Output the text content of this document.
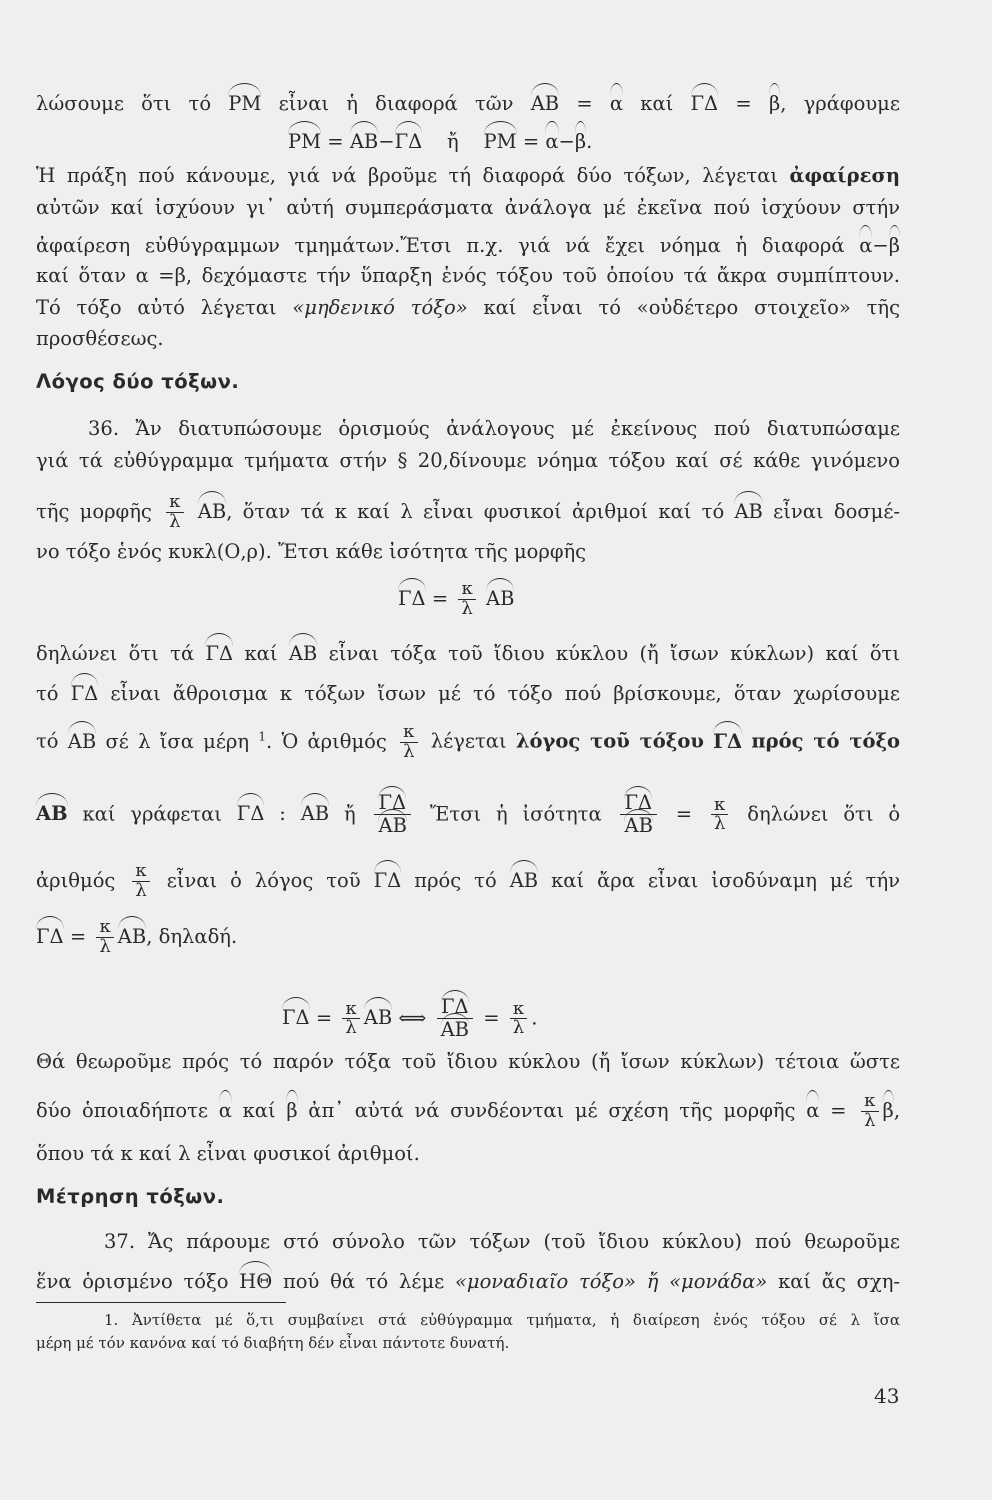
λώσουμε ὅτι τό PM εἶναι ἡ διαφορά τῶν AB = α καί ΓΔ = β, γράφουμε
PM = AB−ΓΔ ἤ PM = α−β.
Ἡ πράξη πού κάνουμε, γιά νά βροῦμε τή διαφορά δύο τόξων, λέγεται ἀφαίρεση
αὐτῶν καί ἰσχύουν γι᾽ αὐτή συμπεράσματα ἀνάλογα μέ ἐκεῖνα πού ἰσχύουν στήν
ἀφαίρεση εὐθύγραμμων τμημάτων.Ἔτσι π.χ. γιά νά ἔχει νόημα ἡ διαφορά α−β
καί ὅταν α =β, δεχόμαστε τήν ὕπαρξη ἑνός τόξου τοῦ ὁποίου τά ἄκρα συμπίπτουν.
Τό τόξο αὐτό λέγεται «μηδενικό τόξο» καί εἶναι τό «οὐδέτερο στοιχεῖο» τῆς
προσθέσεως.
Λόγος δύο τόξων.
36. Ἄν διατυπώσουμε ὁρισμούς ἀνάλογους μέ ἐκείνους πού διατυπώσαμε
γιά τά εὐθύγραμμα τμήματα στήν § 20,δίνουμε νόημα τόξου καί σέ κάθε γινόμενο
τῆς μορφῆς $\frac{\kappa}{\lambda}$ AB, ὅταν τά κ καί λ εἶναι φυσικοί ἀριθμοί καί τό AB εἶναι δοσμέ-
νο τόξο ἑνός κυκλ(Ο,ρ). Ἔτσι κάθε ἰσότητα τῆς μορφῆς
$\Gamma\Delta = \frac{\kappa}{\lambda}$ AB
δηλώνει ὅτι τά ΓΔ καί AB εἶναι τόξα τοῦ ἴδιου κύκλου (ἤ ἴσων κύκλων) καί ὅτι
τό ΓΔ εἶναι ἄθροισμα κ τόξων ἴσων μέ τό τόξο πού βρίσκουμε, ὅταν χωρίσουμε
τό AB σέ λ ἴσα μέρη $^1$. Ὁ ἀριθμός $\frac{\kappa}{\lambda}$ λέγεται λόγος τοῦ τόξου ΓΔ πρός τό τόξο
AB καί γράφεται ΓΔ : AB ἤ $\frac{\Gamma\Delta}{AB}$ Ἔτσι ἡ ἰσότητα $\frac{\Gamma\Delta}{AB} = \frac{\kappa}{\lambda}$ δηλώνει ὅτι ὁ
ἀριθμός $\frac{\kappa}{\lambda}$ εἶναι ὁ λόγος τοῦ ΓΔ πρός τό AB καί ἄρα εἶναι ἰσοδύναμη μέ τήν
$\Gamma\Delta = \frac{\kappa}{\lambda}$ AB, δηλαδή.
$\Gamma\Delta = \frac{\kappa}{\lambda}$ AB ⟺ $\frac{\Gamma\Delta}{AB} = \frac{\kappa}{\lambda}$ .
Θά θεωροῦμε πρός τό παρόν τόξα τοῦ ἴδιου κύκλου (ἤ ἴσων κύκλων) τέτοια ὥστε
δύο ὁποιαδήποτε α καί β ἀπ᾽ αὐτά νά συνδέονται μέ σχέση τῆς μορφῆς $\alpha = \frac{\kappa}{\lambda} \beta$,
ὅπου τά κ καί λ εἶναι φυσικοί ἀριθμοί.
Μέτρηση τόξων.
37. Ἄς πάρουμε στό σύνολο τῶν τόξων (τοῦ ἴδιου κύκλου) πού θεωροῦμε
ἕνα ὁρισμένο τόξο HΘ πού θά τό λέμε «μοναδιαῖο τόξο» ἤ «μονάδα» καί ἄς σχη-
1. Ἀντίθετα μέ ὅ,τι συμβαίνει στά εὐθύγραμμα τμήματα, ἡ διαίρεση ἑνός τόξου σέ λ ἴσα
μέρη μέ τόν κανόνα καί τό διαβήτη δέν εἶναι πάντοτε δυνατή.
43
